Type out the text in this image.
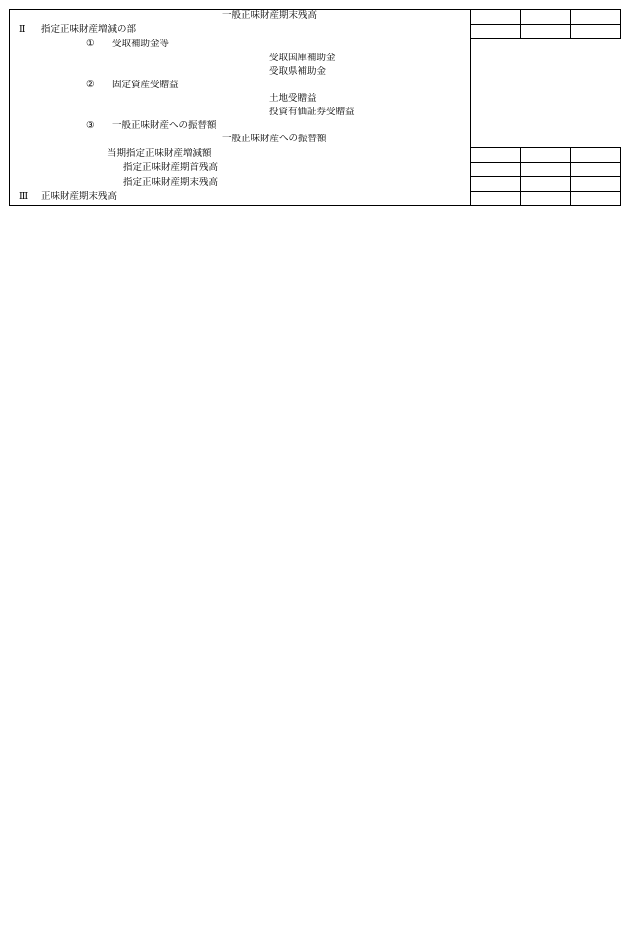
一般正味財産期末残高			
Ⅱ 指定正味財産増減の部			
① 受取補助金等			
受取国庫補助金			
受取県補助金			
② 固定資産受贈益			
土地受贈益			
投資有価証券受贈益			
③ 一般正味財産への振替額			
一般正味財産への振替額			
当期指定正味財産増減額			
指定正味財産期首残高			
指定正味財産期末残高			
Ⅲ 正味財産期末残高			
